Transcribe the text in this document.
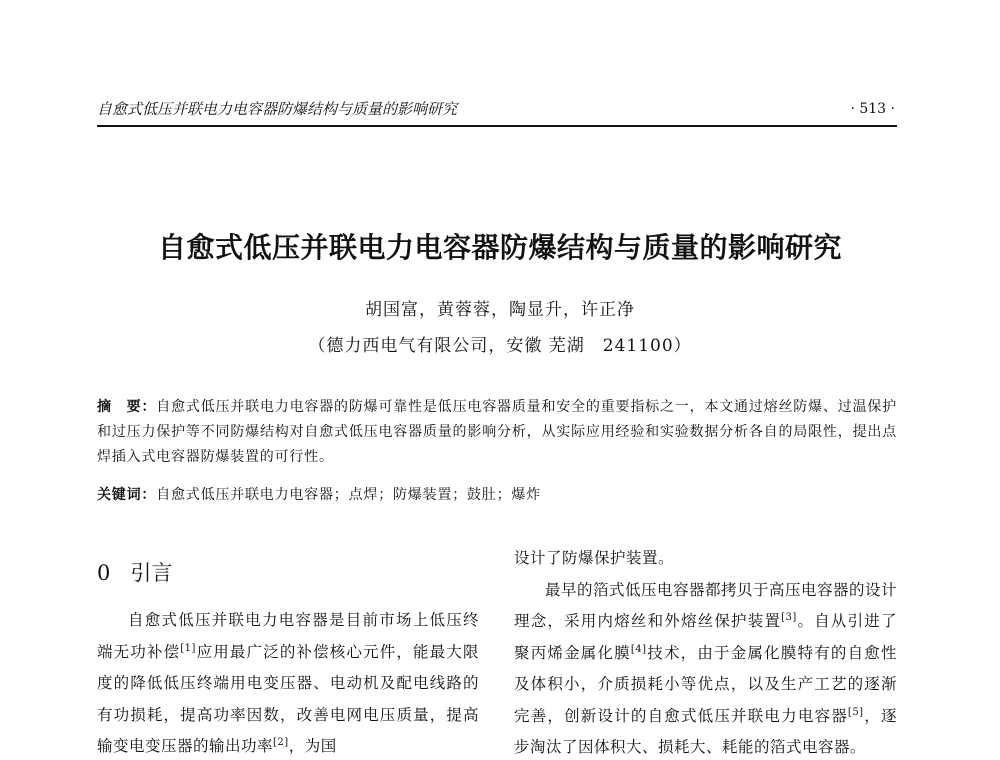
自愈式低压并联电力电容器防爆结构与质量的影响研究	· 513 ·
自愈式低压并联电力电容器防爆结构与质量的影响研究
胡国富，黄蓉蓉，陶显升，许正净
（德力西电气有限公司，安徽 芜湖　241100）
摘　要：自愈式低压并联电力电容器的防爆可靠性是低压电容器质量和安全的重要指标之一，本文通过熔丝防爆、过温保护和过压力保护等不同防爆结构对自愈式低压电容器质量的影响分析，从实际应用经验和实验数据分析各自的局限性，提出点焊插入式电容器防爆装置的可行性。
关键词：自愈式低压并联电力电容器；点焊；防爆装置；鼓肚；爆炸
0 引言

自愈式低压并联电力电容器是目前市场上低压终端无功补偿[1]应用最广泛的补偿核心元件，能最大限度的降低低压终端用电变压器、电动机及配电线路的有功损耗，提高功率因数，改善电网电压质量，提高输变电变压器的输出功率[2]，为国

设计了防爆保护装置。

最早的箔式低压电容器都拷贝于高压电容器的设计理念，采用内熔丝和外熔丝保护装置[3]。自从引进了聚丙烯金属化膜[4]技术，由于金属化膜特有的自愈性及体积小，介质损耗小等优点，以及生产工艺的逐渐完善，创新设计的自愈式低压并联电力电容器[5]，逐步淘汰了因体积大、损耗大、耗能的箔式电容器。
